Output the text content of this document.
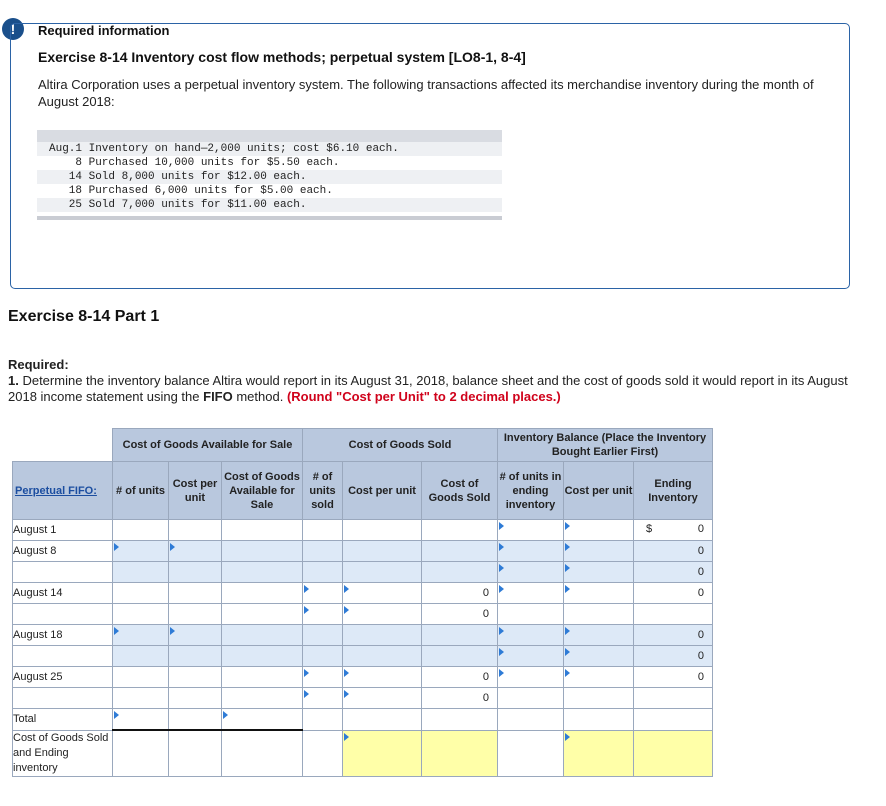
!	Required information
Exercise 8-14 Inventory cost flow methods; perpetual system [LO8-1, 8-4]
Altira Corporation uses a perpetual inventory system. The following transactions affected its merchandise inventory during the month of August 2018:
Aug.1 Inventory on hand—2,000 units; cost $6.10 each.
8 Purchased 10,000 units for $5.50 each.
14 Sold 8,000 units for $12.00 each.
18 Purchased 6,000 units for $5.00 each.
25 Sold 7,000 units for $11.00 each.
Exercise 8-14 Part 1
Required:
1. Determine the inventory balance Altira would report in its August 31, 2018, balance sheet and the cost of goods sold it would report in its August 2018 income statement using the FIFO method. (Round "Cost per Unit" to 2 decimal places.)
	Cost of Goods Available for Sale			Cost of Goods Sold			Inventory Balance (Place the Inventory Bought Earlier First)		
Perpetual FIFO:	# of units	Cost per unit	Cost of Goods Available for Sale	# of units sold	Cost per unit	Cost of Goods Sold	# of units in ending inventory	Cost per unit	Ending Inventory
August 1									$ 0

August 8									0
									0
August 14						0			0
						0			
August 18									0
									0
August 25						0			0
						0			
Total									
Cost of Goods Sold and Ending inventory									
